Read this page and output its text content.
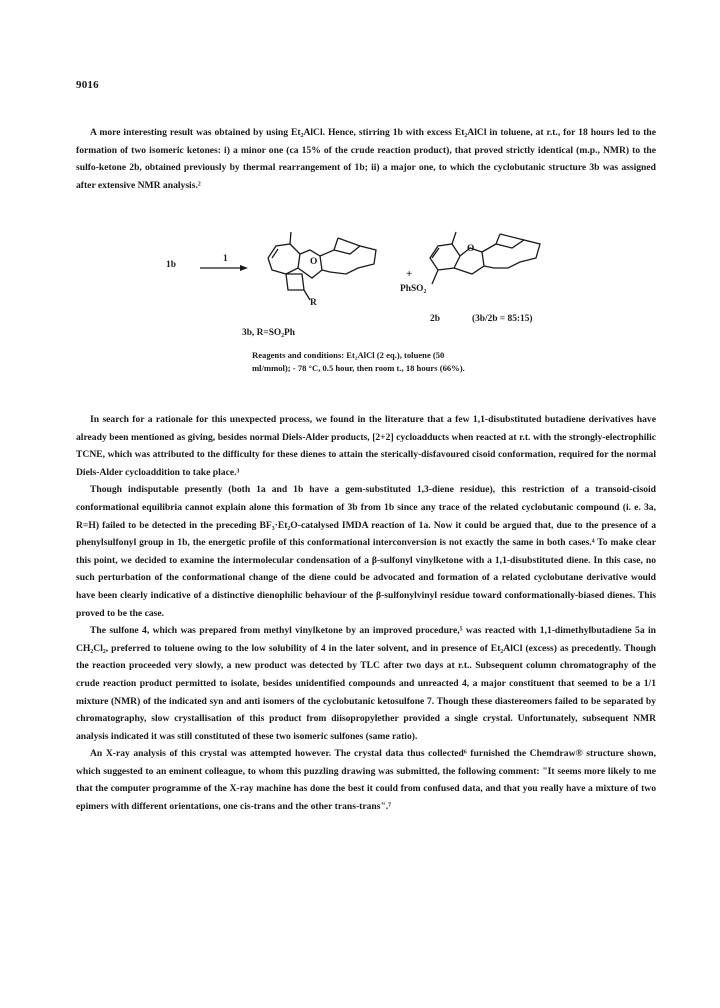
9016

A more interesting result was obtained by using Et₂AlCl. Hence, stirring 1b with excess Et₂AlCl in toluene, at r.t., for 18 hours led to the formation of two isomeric ketones: i) a minor one (ca 15% of the crude reaction product), that proved strictly identical (m.p., NMR) to the sulfo-ketone 2b, obtained previously by thermal rearrangement of 1b; ii) a major one, to which the cyclobutanic structure 3b was assigned after extensive NMR analysis.²

1b
1	O
R
+
O
PhSO₂
2b	(3b/2b = 85:15)
3b, R=SO₂Ph
Reagents and conditions: Et₂AlCl (2 eq.), toluene (50 ml/mmol); - 78 °C, 0.5 hour, then room t., 18 hours (66%).

In search for a rationale for this unexpected process, we found in the literature that a few 1,1-disubstituted butadiene derivatives have already been mentioned as giving, besides normal Diels-Alder products, [2+2] cycloadducts when reacted at r.t. with the strongly-electrophilic TCNE, which was attributed to the difficulty for these dienes to attain the sterically-disfavoured cisoid conformation, required for the normal Diels-Alder cycloaddition to take place.³

Though indisputable presently (both 1a and 1b have a gem-substituted 1,3-diene residue), this restriction of a transoid-cisoid conformational equilibria cannot explain alone this formation of 3b from 1b since any trace of the related cyclobutanic compound (i. e. 3a, R=H) failed to be detected in the preceding BF₃·Et₂O-catalysed IMDA reaction of 1a. Now it could be argued that, due to the presence of a phenylsulfonyl group in 1b, the energetic profile of this conformational interconversion is not exactly the same in both cases.⁴ To make clear this point, we decided to examine the intermolecular condensation of a β-sulfonyl vinylketone with a 1,1-disubstituted diene. In this case, no such perturbation of the conformational change of the diene could be advocated and formation of a related cyclobutane derivative would have been clearly indicative of a distinctive dienophilic behaviour of the β-sulfonylvinyl residue toward conformationally-biased dienes. This proved to be the case.

The sulfone 4, which was prepared from methyl vinylketone by an improved procedure,⁵ was reacted with 1,1-dimethylbutadiene 5a in CH₂Cl₂, preferred to toluene owing to the low solubility of 4 in the later solvent, and in presence of Et₂AlCl (excess) as precedently. Though the reaction proceeded very slowly, a new product was detected by TLC after two days at r.t.. Subsequent column chromatography of the crude reaction product permitted to isolate, besides unidentified compounds and unreacted 4, a major constituent that seemed to be a 1/1 mixture (NMR) of the indicated syn and anti isomers of the cyclobutanic ketosulfone 7. Though these diastereomers failed to be separated by chromatography, slow crystallisation of this product from diisopropylether provided a single crystal. Unfortunately, subsequent NMR analysis indicated it was still constituted of these two isomeric sulfones (same ratio).

An X-ray analysis of this crystal was attempted however. The crystal data thus collected⁶ furnished the Chemdraw® structure shown, which suggested to an eminent colleague, to whom this puzzling drawing was submitted, the following comment: "It seems more likely to me that the computer programme of the X-ray machine has done the best it could from confused data, and that you really have a mixture of two epimers with different orientations, one cis-trans and the other trans-trans".⁷
